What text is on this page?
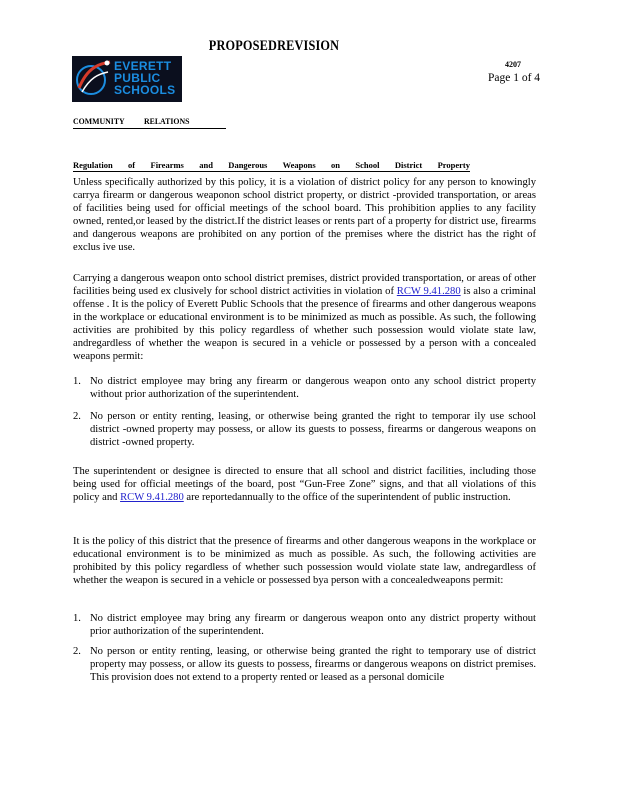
PROPOSEDREVISION
EVERETT
PUBLIC
SCHOOLS
4207
Page 1 of 4
COMMUNITY          RELATIONS
Regulation of Firearms and Dangerous Weapons on School District Property
Unless specifically authorized by this policy, it is a violation of district policy for any person to knowingly carrya firearm or dangerous weaponon school district property, or district -provided transportation, or areas of facilities being used for official meetings of the school board. This prohibition applies to any facility owned, rented,or leased by the district.If the district leases or rents part of a property for district use, firearms and dangerous weapons are prohibited on any portion of the premises where the district has the right of exclus ive use.
Carrying a dangerous weapon onto school district premises, district provided transportation, or areas of other facilities being used ex clusively for school district activities in violation of RCW 9.41.280 is also a criminal offense . It is the policy of Everett Public Schools that the presence of firearms and other dangerous weapons in the workplace or educational environment is to be minimized as much as possible. As such, the following activities are prohibited by this policy regardless of whether such possession would violate state law, andregardless of whether the weapon is secured in a vehicle or possessed by a person with a concealed weapons permit:
1. No district employee may bring any firearm or dangerous weapon onto any school district property without prior authorization of the superintendent.
2. No person or entity renting, leasing, or otherwise being granted the right to temporar ily use school district -owned property may possess, or allow its guests to possess, firearms or dangerous weapons on district -owned property.
The superintendent or designee is directed to ensure that all school and district facilities, including those being used for official meetings of the board, post “Gun-Free Zone” signs, and that all violations of this policy and RCW 9.41.280 are reportedannually to the office of the superintendent of public instruction.
It is the policy of this district that the presence of firearms and other dangerous weapons in the workplace or educational environment is to be minimized as much as possible. As such, the following activities are prohibited by this policy regardless of whether such possession would violate state law, andregardless of whether the weapon is secured in a vehicle or possessed bya person with a concealedweapons permit:
1. No district employee may bring any firearm or dangerous weapon onto any district property without prior authorization of the superintendent.
2. No person or entity renting, leasing, or otherwise being granted the right to temporary use of district property may possess, or allow its guests to possess, firearms or dangerous weapons on district premises. This provision does not extend to a property rented or leased as a personal domicile
